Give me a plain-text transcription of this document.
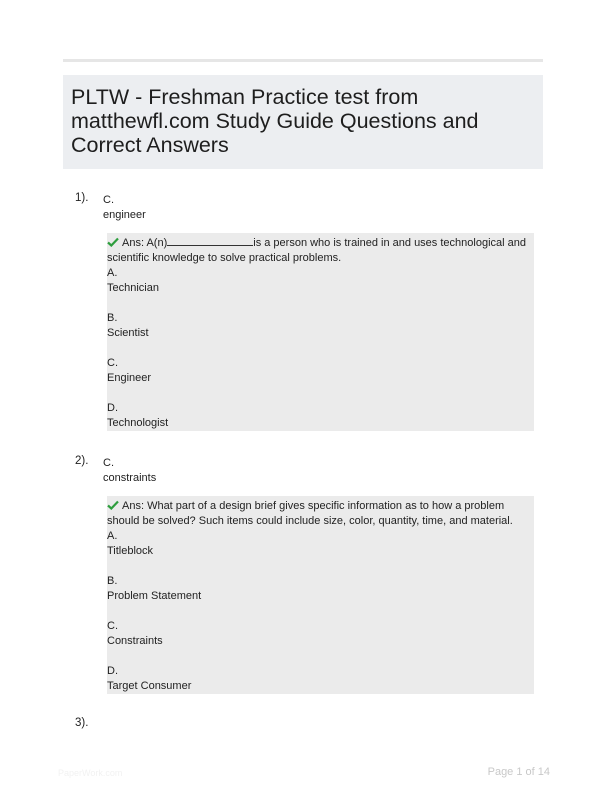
PLTW - Freshman Practice test from matthewfl.com Study Guide Questions and Correct Answers
1). C.
engineer
Ans: A(n)	is a person who is trained in and uses technological and scientific knowledge to solve practical problems.
A.
Technician
B.
Scientist
C.
Engineer
D.
Technologist
2). C.
constraints
Ans: What part of a design brief gives specific information as to how a problem should be solved? Such items could include size, color, quantity, time, and material.
A.
Titleblock
B.
Problem Statement
C.
Constraints
D.
Target Consumer
3).
PaperWork.com	Page 1 of 14
